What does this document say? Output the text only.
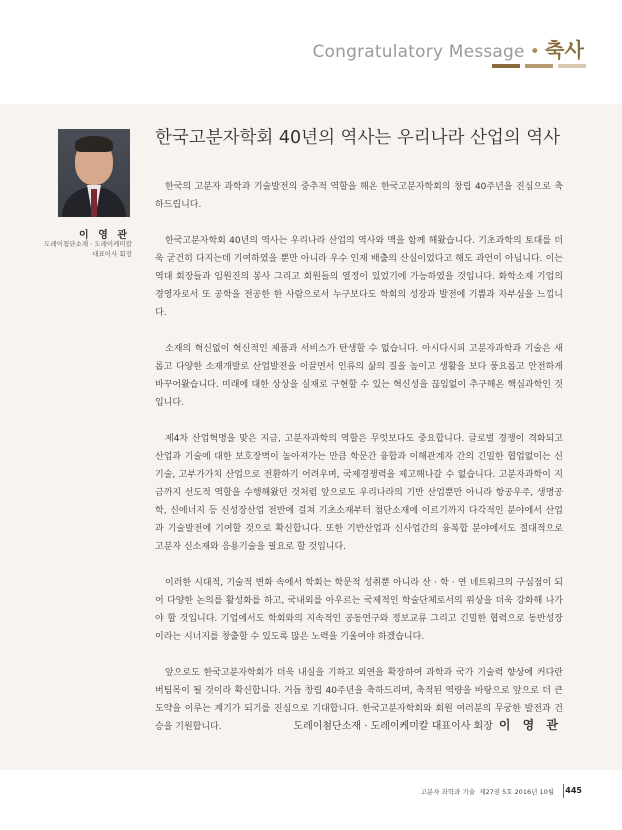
Congratulatory Message • 축사
이 영 관
도레이첨단소재 · 도레이케미칼
대표이사 회장
한국고분자학회 40년의 역사는 우리나라 산업의 역사

한국의 고분자 과학과 기술발전의 중추적 역할을 해온 한국고분자학회의 창립 40주년을 진심으로 축하드립니다.

한국고분자학회 40년의 역사는 우리나라 산업의 역사와 맥을 함께 해왔습니다. 기초과학의 토대를 더욱 굳건히 다지는데 기여하였을 뿐만 아니라 우수 인재 배출의 산실이었다고 해도 과언이 아닙니다. 이는 역대 회장들과 임원진의 봉사 그리고 회원들의 열정이 있었기에 가능하였을 것입니다. 화학소재 기업의 경영자로서 또 공학을 전공한 한 사람으로서 누구보다도 학회의 성장과 발전에 기쁨과 자부심을 느낍니다.

소재의 혁신없이 혁신적인 제품과 서비스가 탄생할 수 없습니다. 아시다시피 고분자과학과 기술은 새롭고 다양한 소재개발로 산업발전을 이끌면서 인류의 삶의 질을 높이고 생활을 보다 풍요롭고 안전하게 바꾸어왔습니다. 미래에 대한 상상을 실재로 구현할 수 있는 혁신성을 끊임없이 추구해온 핵심과학인 것입니다.

제4차 산업혁명을 맞은 지금, 고분자과학의 역할은 무엇보다도 중요합니다. 글로벌 경쟁이 격화되고 산업과 기술에 대한 보호장벽이 높아져가는 만큼 학문간 융합과 이해관계자 간의 긴밀한 협업없이는 신기술, 고부가가치 산업으로 전환하기 어려우며, 국제경쟁력을 제고해나갈 수 없습니다. 고분자과학이 지금까지 선도적 역할을 수행해왔던 것처럼 앞으로도 우리나라의 기반 산업뿐만 아니라 항공우주, 생명공학, 신에너지 등 신성장산업 전반에 걸쳐 기초소재부터 첨단소재에 이르기까지 다각적인 분야에서 산업과 기술발전에 기여할 것으로 확신합니다. 또한 기반산업과 신사업간의 융복합 분야에서도 절대적으로 고분자 신소재와 응용기술을 필요로 할 것입니다.

이러한 시대적, 기술적 변화 속에서 학회는 학문적 성취뿐 아니라 산 · 학 · 연 네트워크의 구심점이 되어 다양한 논의를 활성화를 하고, 국내외를 아우르는 국제적인 학술단체로서의 위상을 더욱 강화해 나가야 할 것입니다. 기업에서도 학회와의 지속적인 공동연구와 정보교류 그리고 긴밀한 협력으로 동반성장이라는 시너지를 창출할 수 있도록 많은 노력을 기울여야 하겠습니다.

앞으로도 한국고분자학회가 더욱 내실을 기하고 외연을 확장하여 과학과 국가 기술력 향상에 커다란 버팀목이 될 것이라 확신합니다. 거듭 창립 40주년을 축하드리며, 축적된 역량을 바탕으로 앞으로 더 큰 도약을 이루는 계기가 되기를 진심으로 기대합니다. 한국고분자학회와 회원 여러분의 무궁한 발전과 건승을 기원합니다.	도레이첨단소재 · 도레이케미칼 대표이사 회장 이 영 관
고분자 과학과 기술 제27권 5호 2016년 10월 445
